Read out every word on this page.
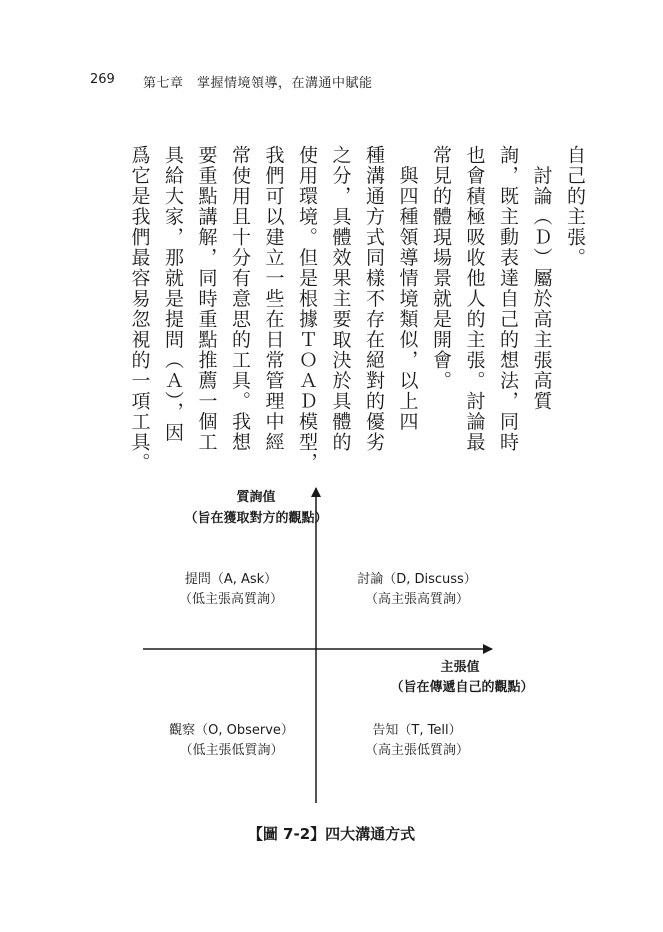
269 第七章　掌握情境領導，在溝通中賦能
自己的主張。
　討論（Ｄ）屬於高主張高質
詢，既主動表達自己的想法，同時
也會積極吸收他人的主張。討論最
常見的體現場景就是開會。
　與四種領導情境類似，以上四
種溝通方式同樣不存在絕對的優劣
之分，具體效果主要取決於具體的
使用環境。但是根據ＴＯＡＤ模型，
我們可以建立一些在日常管理中經
常使用且十分有意思的工具。我想
要重點講解，同時重點推薦一個工
具給大家，那就是提問（Ａ），因
爲它是我們最容易忽視的一項工具。
質詢值
（旨在獲取對方的觀點）
主張值
（旨在傳遞自己的觀點）
提問（A, Ask）
（低主張高質詢）
討論（D, Discuss）
（高主張高質詢）
觀察（O, Observe）
（低主張低質詢）
告知（T, Tell）
（高主張低質詢）
【圖 7-2】四大溝通方式
